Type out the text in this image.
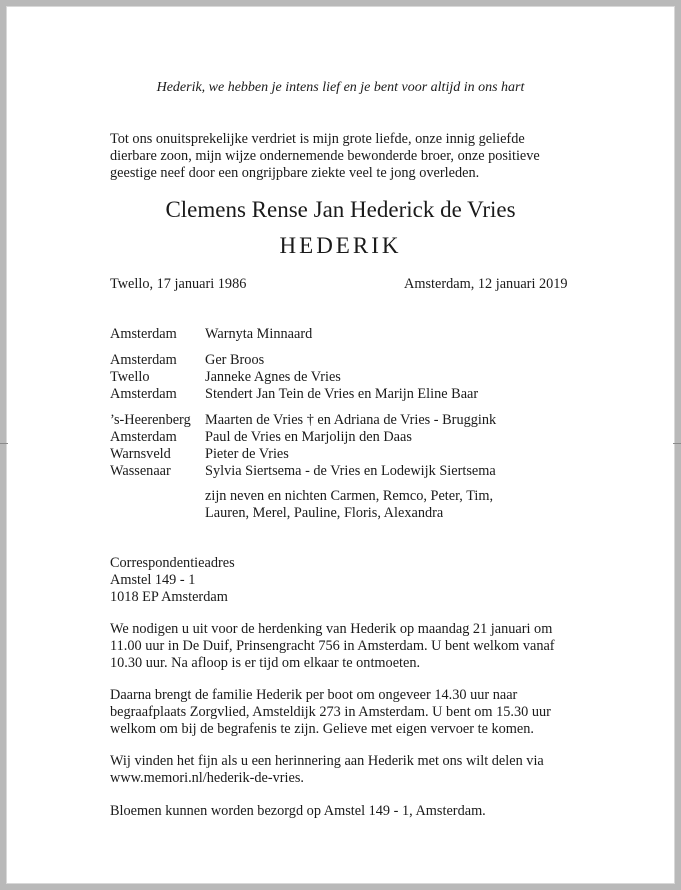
Hederik, we hebben je intens lief en je bent voor altijd in ons hart

Tot ons onuitsprekelijke verdriet is mijn grote liefde, onze innig geliefde
dierbare zoon, mijn wijze ondernemende bewonderde broer, onze positieve
geestige neef door een ongrijpbare ziekte veel te jong overleden.
Clemens Rense Jan Hederick de Vries
HEDERIK
Twello, 17 januari 1986	Amsterdam, 12 januari 2019
Amsterdam	Warnyta Minnaard
Amsterdam	Ger Broos
Twello	Janneke Agnes de Vries
Amsterdam	Stendert Jan Tein de Vries en Marijn Eline Baar
’s-Heerenberg Maarten de Vries † en Adriana de Vries - Bruggink
Amsterdam	Paul de Vries en Marjolijn den Daas
Warnsveld	Pieter de Vries
Wassenaar	Sylvia Siertsema - de Vries en Lodewijk Siertsema
zijn neven en nichten Carmen, Remco, Peter, Tim,
Lauren, Merel, Pauline, Floris, Alexandra
Correspondentieadres
Amstel 149 - 1
1018 EP Amsterdam
We nodigen u uit voor de herdenking van Hederik op maandag 21 januari om
11.00 uur in De Duif, Prinsengracht 756 in Amsterdam. U bent welkom vanaf
10.30 uur. Na afloop is er tijd om elkaar te ontmoeten.
Daarna brengt de familie Hederik per boot om ongeveer 14.30 uur naar
begraafplaats Zorgvlied, Amsteldijk 273 in Amsterdam. U bent om 15.30 uur
welkom om bij de begrafenis te zijn. Gelieve met eigen vervoer te komen.
Wij vinden het fijn als u een herinnering aan Hederik met ons wilt delen via
www.memori.nl/hederik-de-vries.
Bloemen kunnen worden bezorgd op Amstel 149 - 1, Amsterdam.
